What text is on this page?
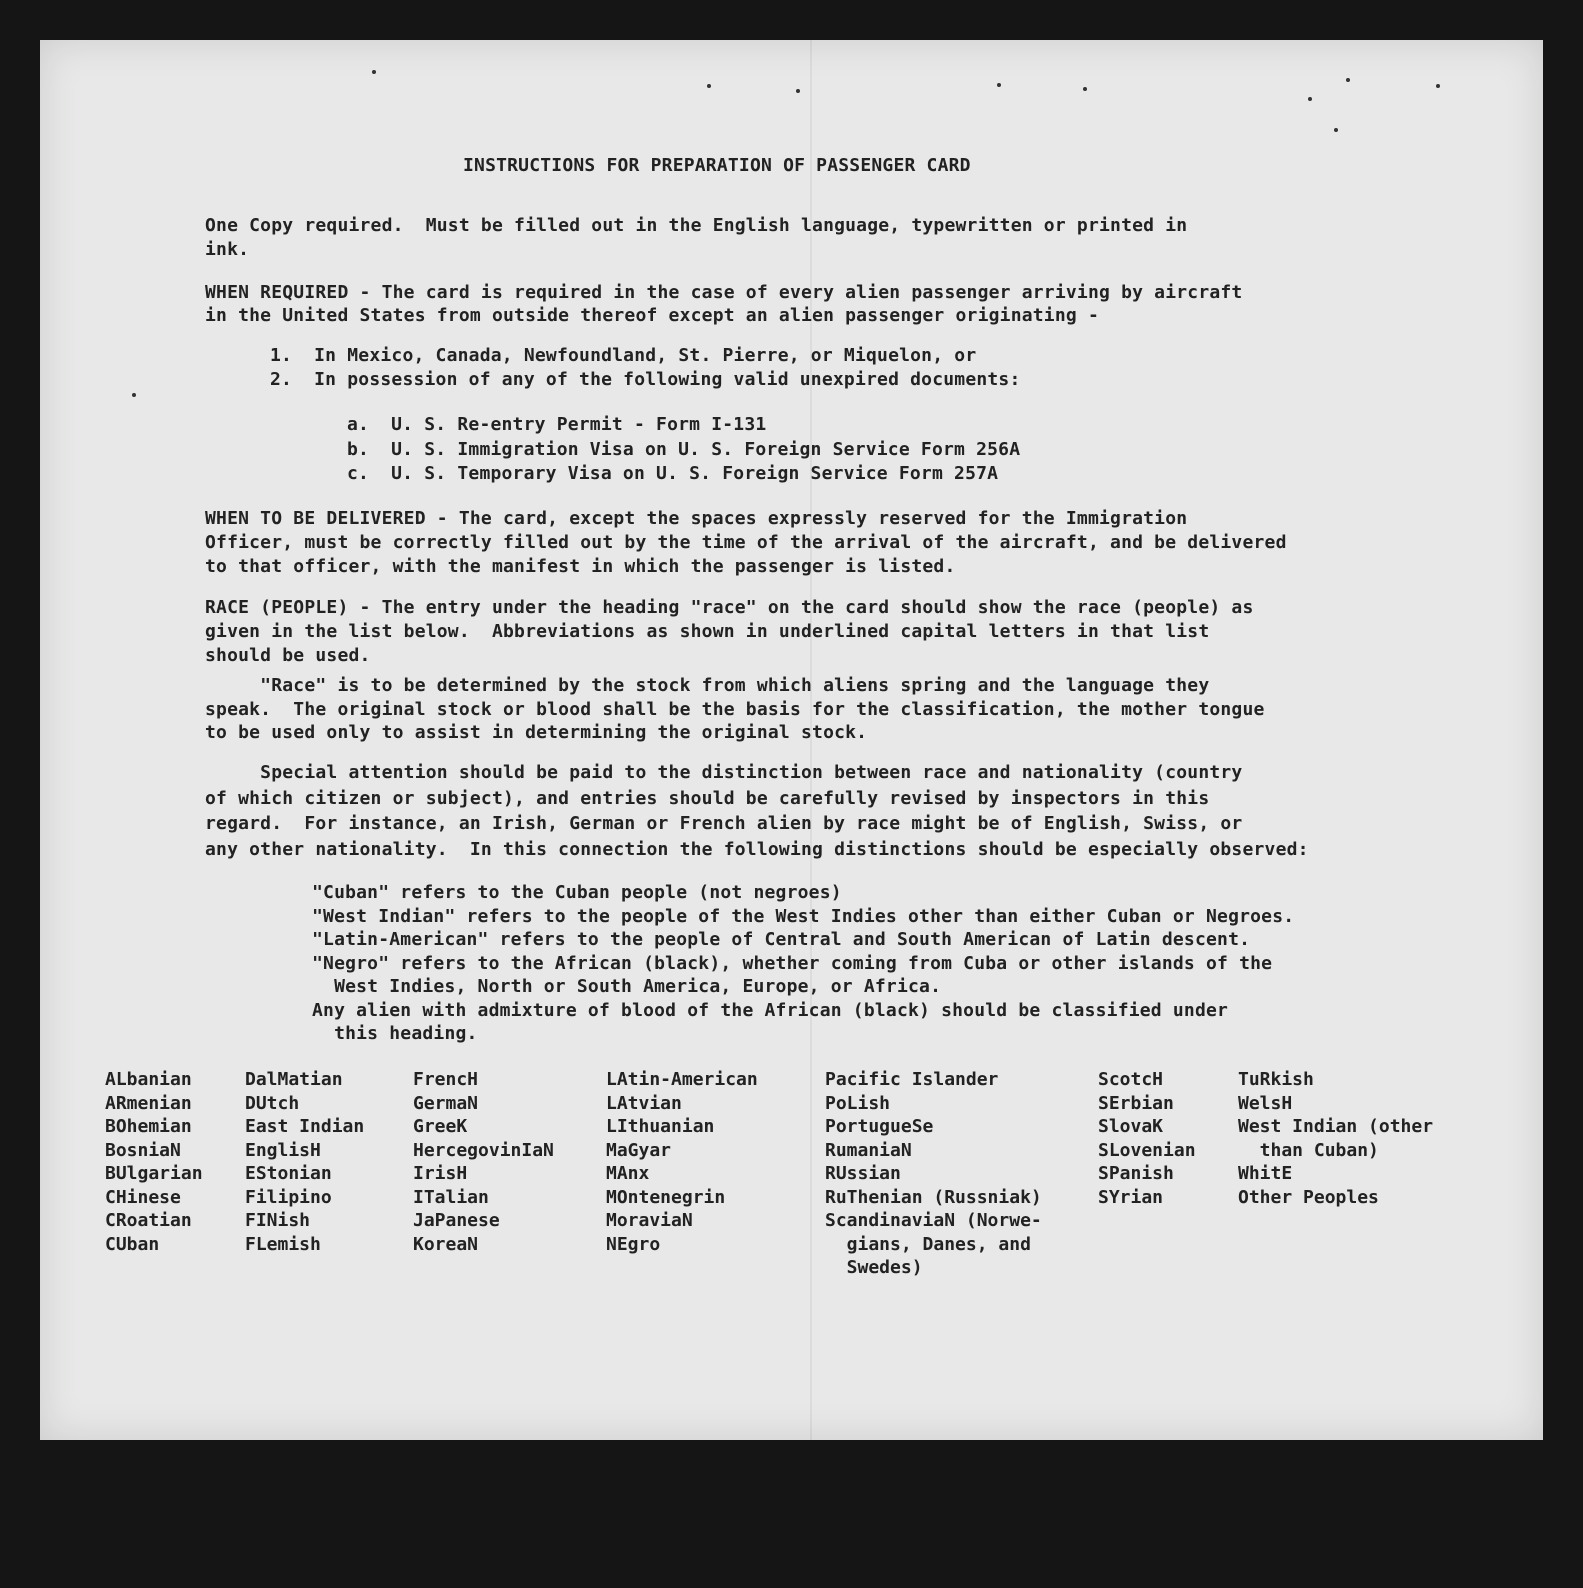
INSTRUCTIONS FOR PREPARATION OF PASSENGER CARD
One Copy required.  Must be filled out in the English language, typewritten or printed in
ink.
WHEN REQUIRED - The card is required in the case of every alien passenger arriving by aircraft
in the United States from outside thereof except an alien passenger originating -
1.  In Mexico, Canada, Newfoundland, St. Pierre, or Miquelon, or
2.  In possession of any of the following valid unexpired documents:
a.  U. S. Re-entry Permit - Form I-131
b.  U. S. Immigration Visa on U. S. Foreign Service Form 256A
c.  U. S. Temporary Visa on U. S. Foreign Service Form 257A
WHEN TO BE DELIVERED - The card, except the spaces expressly reserved for the Immigration
Officer, must be correctly filled out by the time of the arrival of the aircraft, and be delivered
to that officer, with the manifest in which the passenger is listed.
RACE (PEOPLE) - The entry under the heading "race" on the card should show the race (people) as
given in the list below.  Abbreviations as shown in underlined capital letters in that list
should be used.
"Race" is to be determined by the stock from which aliens spring and the language they
speak.  The original stock or blood shall be the basis for the classification, the mother tongue
to be used only to assist in determining the original stock.
Special attention should be paid to the distinction between race and nationality (country
of which citizen or subject), and entries should be carefully revised by inspectors in this
regard.  For instance, an Irish, German or French alien by race might be of English, Swiss, or
any other nationality.  In this connection the following distinctions should be especially observed:
"Cuban" refers to the Cuban people (not negroes)
"West Indian" refers to the people of the West Indies other than either Cuban or Negroes.
"Latin-American" refers to the people of Central and South American of Latin descent.
"Negro" refers to the African (black), whether coming from Cuba or other islands of the
West Indies, North or South America, Europe, or Africa.
Any alien with admixture of blood of the African (black) should be classified under
this heading.
ALbanian
ARmenian
BOhemian
BosniaN
BUlgarian
CHinese
CRoatian
CUban
DalMatian
DUtch
East Indian
EnglisH
EStonian
Filipino
FINish
FLemish
FrencH
GermaN
GreeK
HercegovinIaN
IrisH
ITalian
JaPanese
KoreaN
LAtin-American
LAtvian
LIthuanian
MaGyar
MAnx
MOntenegrin
MoraviaN
NEgro
Pacific Islander
PoLish
PortugueSe
RumaniaN
RUssian
RuThenian (Russniak)
ScandinaviaN (Norwe-
gians, Danes, and
Swedes)
ScotcH
SErbian
SlovaK
SLovenian
SPanish
SYrian
TuRkish
WelsH
West Indian (other
than Cuban)
WhitE
Other Peoples
